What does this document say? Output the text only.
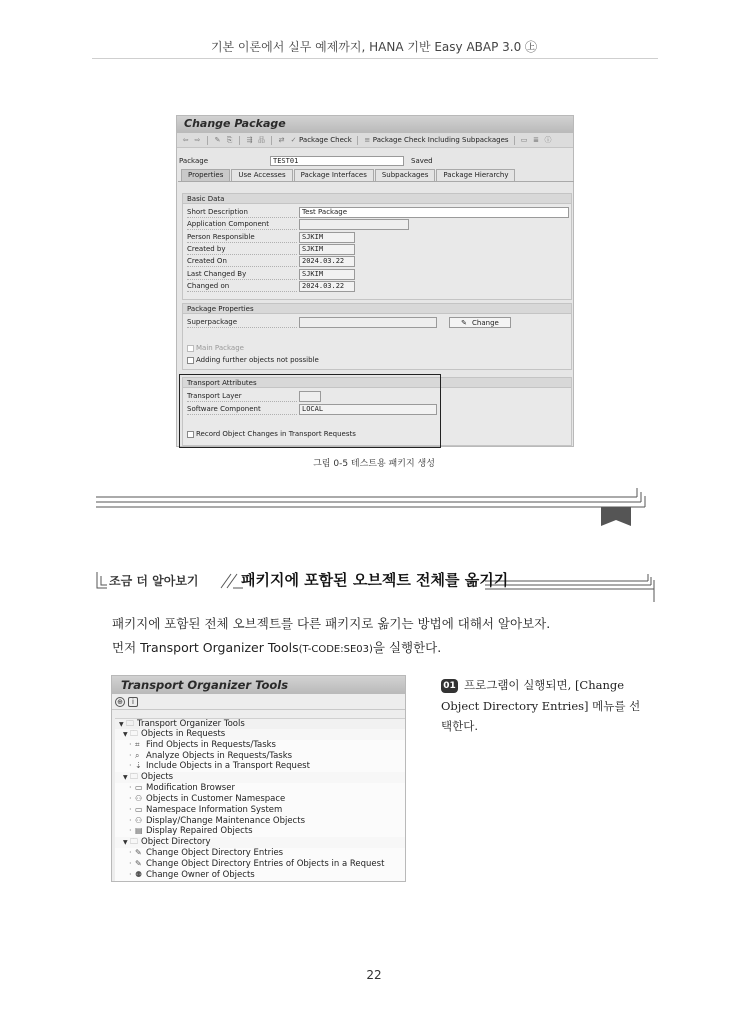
기본 이론에서 실무 예제까지, HANA 기반 Easy ABAP 3.0 ㊤
Change Package
⇦ ⇨ ✎ ⎘ ⇶ 品 ⇄ ✓ Package Check ≡ Package Check Including Subpackages ▭ ≣ ⓘ
Package	TEST01	Saved
Properties	Use Accesses	Package Interfaces	Subpackages	Package Hierarchy
Basic Data
Short Description	Test Package
Application Component
Person Responsible	SJKIM
Created by	SJKIM
Created On	2024.03.22
Last Changed By	SJKIM
Changed on	2024.03.22
Package Properties
Superpackage	✎ Change
Main Package
Adding further objects not possible
Transport Attributes
Transport Layer
Software Component	LOCAL
Record Object Changes in Transport Requests
그림 0-5 테스트용 패키지 생성
조금 더 알아보기	패키지에 포함된 오브젝트 전체를 옮기기
패키지에 포함된 전체 오브젝트를 다른 패키지로 옮기는 방법에 대해서 알아보자.
먼저 Transport Organizer Tools(T-CODE:SE03)을 실행한다.
Transport Organizer Tools
⊕	i
▼ 🗀 Transport Organizer Tools
▼ 🗀 Objects in Requests
· ⌗ Find Objects in Requests/Tasks
· ⌕ Analyze Objects in Requests/Tasks
· ⇣ Include Objects in a Transport Request
▼ 🗀 Objects
· ▭ Modification Browser
· ⚇ Objects in Customer Namespace
· ▭ Namespace Information System
· ⚇ Display/Change Maintenance Objects
· ▤ Display Repaired Objects
▼ 🗀 Object Directory
· ✎ Change Object Directory Entries
· ✎ Change Object Directory Entries of Objects in a Request
· ⚉ Change Owner of Objects
01 프로그램이 실행되면, [Change Object Directory Entries] 메뉴를 선택한다.
22
